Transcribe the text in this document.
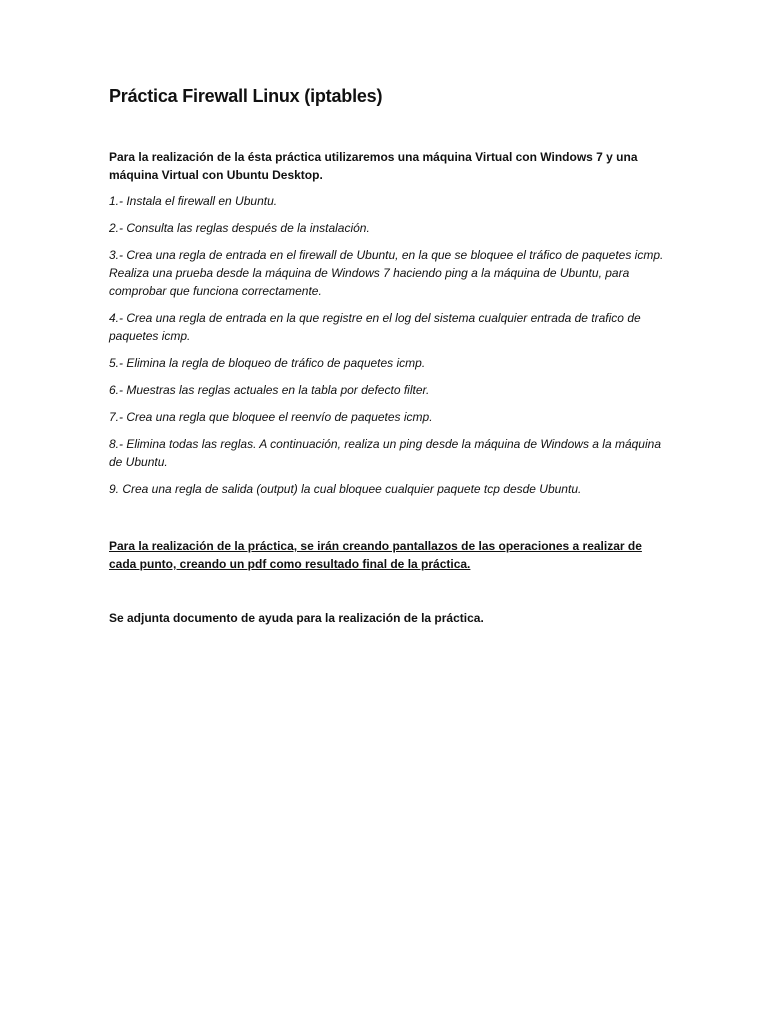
Práctica Firewall Linux (iptables)

Para la realización de la ésta práctica utilizaremos una máquina Virtual con Windows 7 y una máquina Virtual con Ubuntu Desktop.

1.- Instala el firewall en Ubuntu.
2.- Consulta las reglas después de la instalación.
3.- Crea una regla de entrada en el firewall de Ubuntu, en la que se bloquee el tráfico de paquetes icmp. Realiza una prueba desde la máquina de Windows 7 haciendo ping a la máquina de Ubuntu, para comprobar que funciona correctamente.
4.- Crea una regla de entrada en la que registre en el log del sistema cualquier entrada de trafico de paquetes icmp.
5.- Elimina la regla de bloqueo de tráfico de paquetes icmp.
6.- Muestras las reglas actuales en la tabla por defecto filter.
7.- Crea una regla que bloquee el reenvío de paquetes icmp.
8.- Elimina todas las reglas. A continuación, realiza un ping desde la máquina de Windows a la máquina de Ubuntu.
9. Crea una regla de salida (output) la cual bloquee cualquier paquete tcp desde Ubuntu.

Para la realización de la práctica, se irán creando pantallazos de las operaciones a realizar de cada punto, creando un pdf como resultado final de la práctica.

Se adjunta documento de ayuda para la realización de la práctica.
